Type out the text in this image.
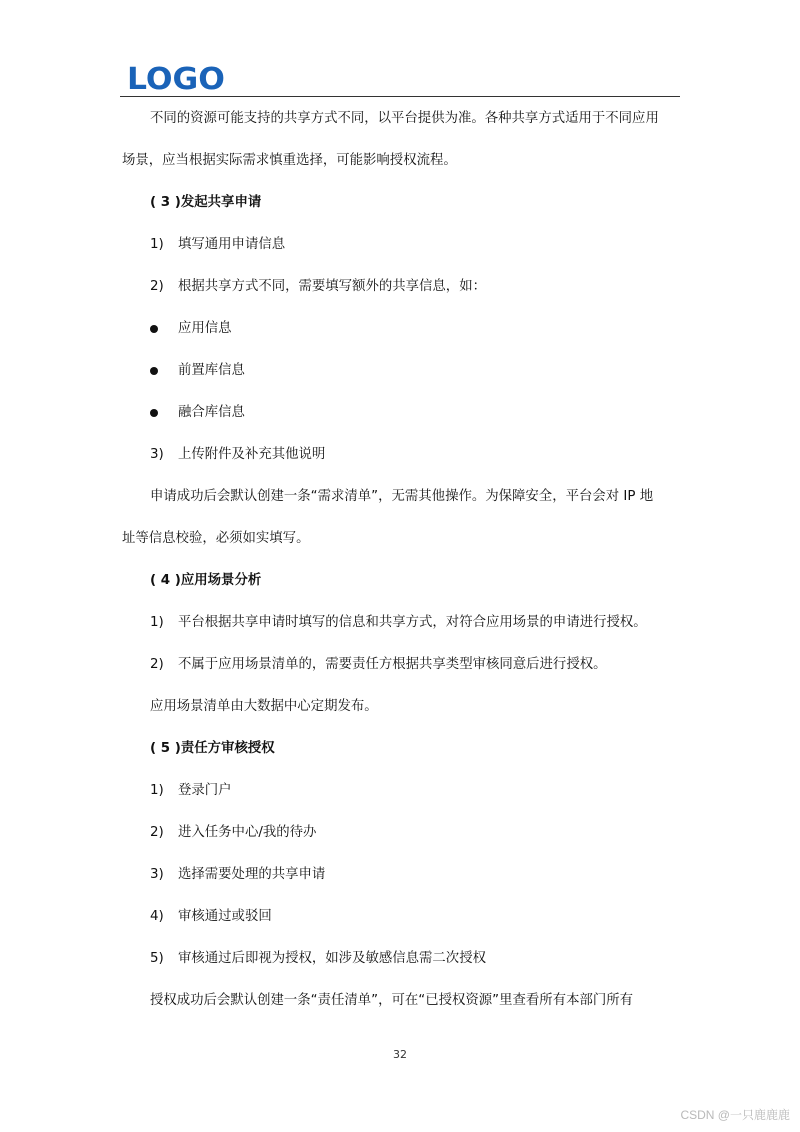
LOGO
不同的资源可能支持的共享方式不同，以平台提供为准。各种共享方式适用于不同应用
场景，应当根据实际需求慎重选择，可能影响授权流程。
( 3 )发起共享申请
1) 填写通用申请信息
2) 根据共享方式不同，需要填写额外的共享信息，如：
应用信息
前置库信息
融合库信息
3) 上传附件及补充其他说明
申请成功后会默认创建一条“需求清单”，无需其他操作。为保障安全，平台会对 IP 地
址等信息校验，必须如实填写。
( 4 )应用场景分析
1) 平台根据共享申请时填写的信息和共享方式，对符合应用场景的申请进行授权。
2) 不属于应用场景清单的，需要责任方根据共享类型审核同意后进行授权。
应用场景清单由大数据中心定期发布。
( 5 )责任方审核授权
1) 登录门户
2) 进入任务中心/我的待办
3) 选择需要处理的共享申请
4) 审核通过或驳回
5) 审核通过后即视为授权，如涉及敏感信息需二次授权
授权成功后会默认创建一条“责任清单”，可在“已授权资源”里查看所有本部门所有
32
CSDN @一只鹿鹿鹿
